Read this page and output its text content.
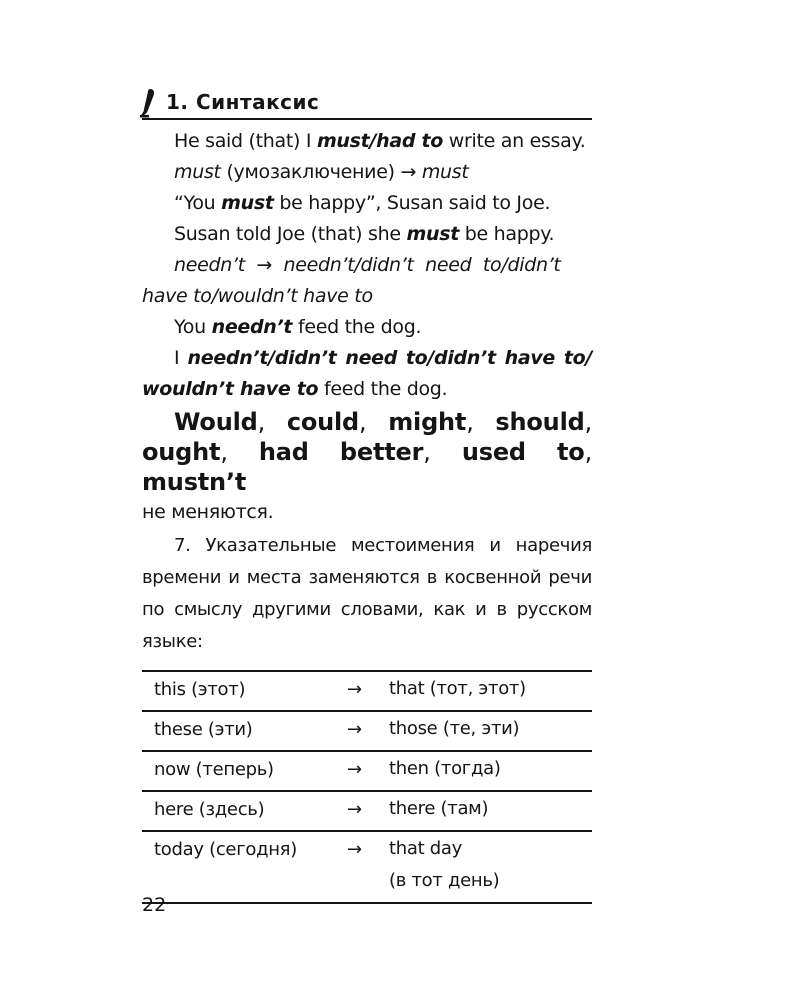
1. Синтаксис
He said (that) I must/had to write an essay.
must (умозаключение) → must
“You must be happy”, Susan said to Joe.
Susan told Joe (that) she must be happy.
needn’t  →  needn’t/didn’t  need  to/didn’t
have to/wouldn’t have to
You needn’t feed the dog.
I needn’t/didn’t need to/didn’t have to/
wouldn’t have to feed the dog.
Would, could, might, should,
ought, had better, used to, mustn’t
не меняются.

7. Указательные местоимения и наречия времени и места заменяются в косвенной речи по смыслу другими словами, как и в русском языке:

this (этот)	→ that (тот, этот)
these (эти)	→ those (те, эти)
now (теперь)	→ then (тогда)
here (здесь)	→ there (там)
today (сегодня)	→ that day
(в тот день)
22
